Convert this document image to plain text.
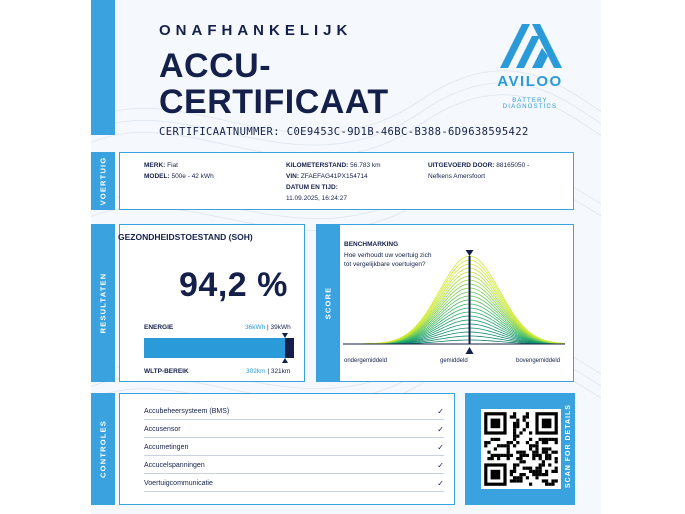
ONAFHANKELIJK
ACCU-
CERTIFICAAT
CERTIFICAATNUMMER: C0E9453C-9D1B-46BC-B388-6D9638595422
AVILOO
BATTERY DIAGNOSTICS
VOERTUIG	MERK: Fiat
MODEL: 500e - 42 kWh
KILOMETERSTAND: 56.783 km
VIN: ZFAEFAG41PX154714
DATUM EN TIJD:
11.09.2025, 16:24:27
UITGEVOERD DOOR: 88165050 -
Nefkens Amersfoort
RESULTATEN
GEZONDHEIDSTOESTAND (SOH)
94,2 %
ENERGIE	36kWh | 39kWh
WLTP-BEREIK	302km | 321km
SCORE
BENCHMARKING
Hoe verhoudt uw voertuig zich tot vergelijkbare voertuigen?
ondergemiddeld	gemiddeld	bovengemiddeld
CONTROLES
Accubeheersysteem (BMS)	✓
Accusensor	✓
Accumetingen	✓
Accucelspanningen	✓
Voertuigcommunicatie	✓	SCAN FOR DETAILS
